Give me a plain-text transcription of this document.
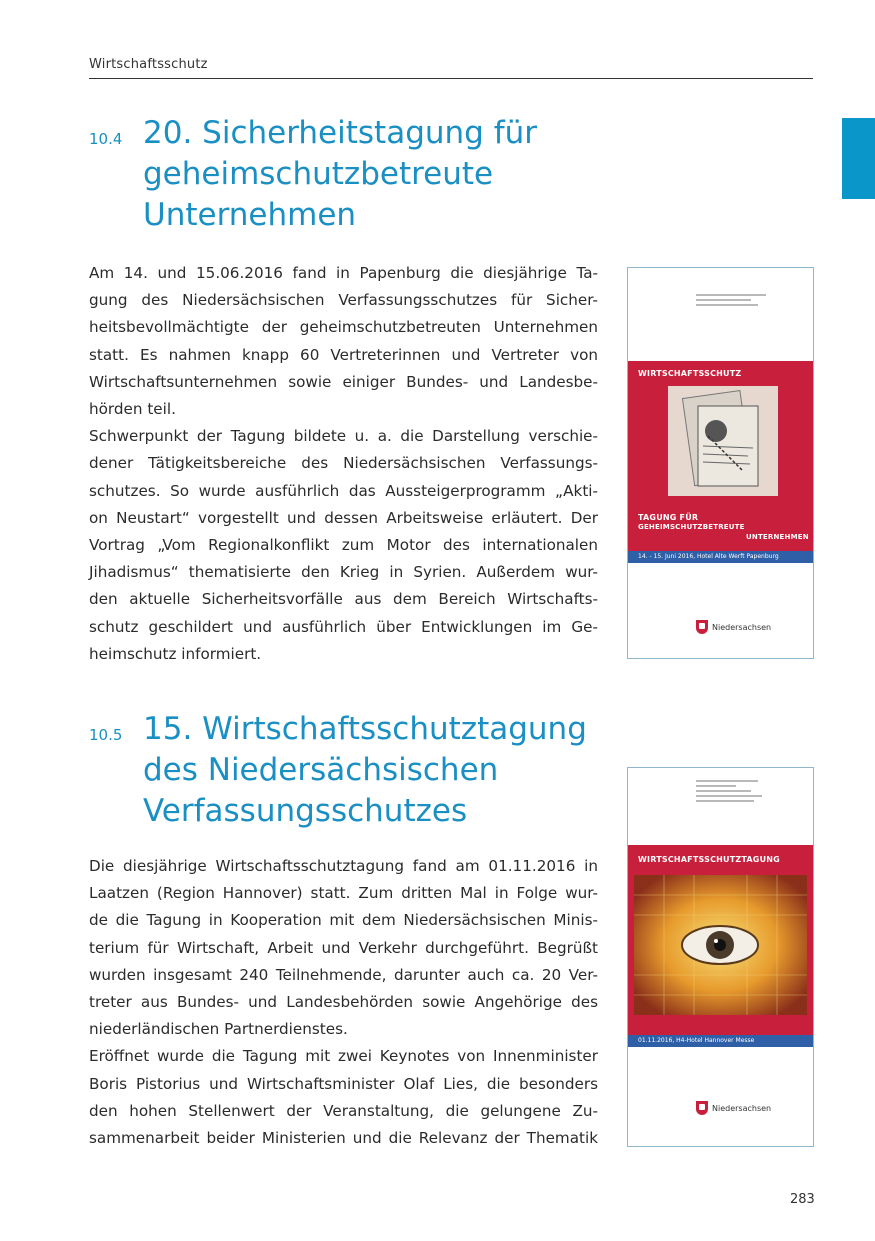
Wirtschaftsschutz
10.4 20. Sicherheitstagung für
geheimschutzbetreute
Unternehmen
Am 14. und 15.06.2016 fand in Papenburg die diesjährige Ta-
gung des Niedersächsischen Verfassungsschutzes für Sicher-
heitsbevollmächtigte der geheimschutzbetreuten Unternehmen
statt. Es nahmen knapp 60 Vertreterinnen und Vertreter von
Wirtschaftsunternehmen sowie einiger Bundes- und Landesbe-
hörden teil.
Schwerpunkt der Tagung bildete u. a. die Darstellung verschie-
dener Tätigkeitsbereiche des Niedersächsischen Verfassungs-
schutzes. So wurde ausführlich das Aussteigerprogramm „Akti-
on Neustart“ vorgestellt und dessen Arbeitsweise erläutert. Der
Vortrag „Vom Regionalkonflikt zum Motor des internationalen
Jihadismus“ thematisierte den Krieg in Syrien. Außerdem wur-
den aktuelle Sicherheitsvorfälle aus dem Bereich Wirtschafts-
schutz geschildert und ausführlich über Entwicklungen im Ge-
heimschutz informiert.
WIRTSCHAFTSSCHUTZ
TAGUNG FÜR
GEHEIMSCHUTZBETREUTE
UNTERNEHMEN
14. - 15. Juni 2016, Hotel Alte Werft Papenburg
Niedersachsen
10.5 15. Wirtschaftsschutztagung
des Niedersächsischen
Verfassungsschutzes
Die diesjährige Wirtschaftsschutztagung fand am 01.11.2016 in
Laatzen (Region Hannover) statt. Zum dritten Mal in Folge wur-
de die Tagung in Kooperation mit dem Niedersächsischen Minis-
terium für Wirtschaft, Arbeit und Verkehr durchgeführt. Begrüßt
wurden insgesamt 240 Teilnehmende, darunter auch ca. 20 Ver-
treter aus Bundes- und Landesbehörden sowie Angehörige des
niederländischen Partnerdienstes.
Eröffnet wurde die Tagung mit zwei Keynotes von Innenminister
Boris Pistorius und Wirtschaftsminister Olaf Lies, die besonders
den hohen Stellenwert der Veranstaltung, die gelungene Zu-
sammenarbeit beider Ministerien und die Relevanz der Thematik
WIRTSCHAFTSSCHUTZTAGUNG
01.11.2016, H4-Hotel Hannover Messe
Niedersachsen
283
